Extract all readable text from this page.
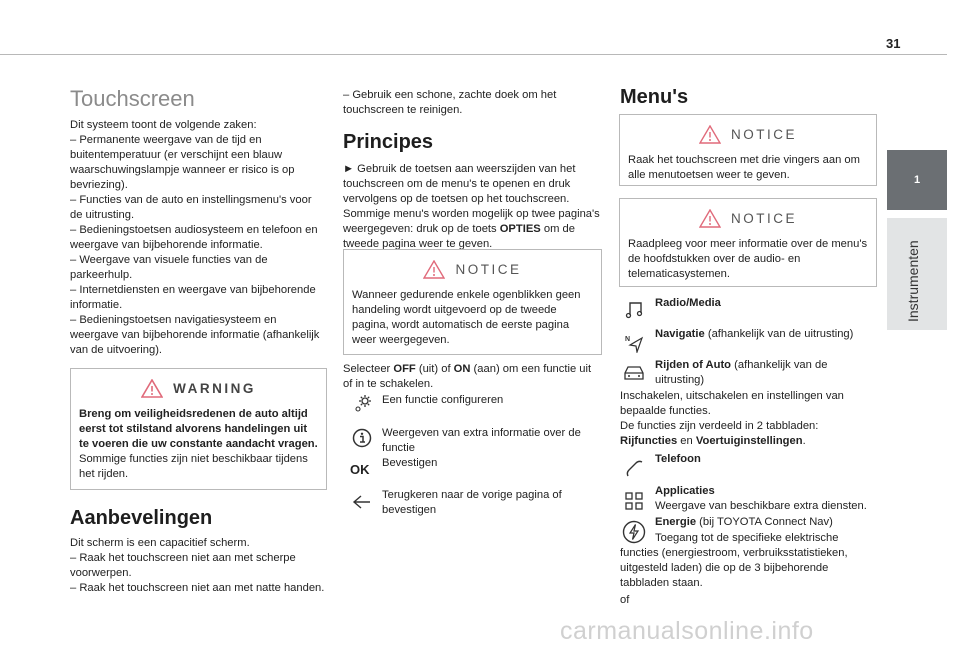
31
1
Instrumenten
Touchscreen

Dit systeem toont de volgende zaken:

– Permanente weergave van de tijd en buitentemperatuur (er verschijnt een blauw waarschuwingslampje wanneer er risico is op bevriezing).

– Functies van de auto en instellingsmenu's voor de uitrusting.

– Bedieningstoetsen audiosysteem en telefoon en weergave van bijbehorende informatie.

– Weergave van visuele functies van de parkeerhulp.

– Internetdiensten en weergave van bijbehorende informatie.

– Bedieningstoetsen navigatiesysteem en weergave van bijbehorende informatie (afhankelijk van de uitvoering).

WARNING

Breng om veiligheidsredenen de auto altijd eerst tot stilstand alvorens handelingen uit te voeren die uw constante aandacht vragen.

Sommige functies zijn niet beschikbaar tijdens het rijden.

Aanbevelingen

Dit scherm is een capacitief scherm.

– Raak het touchscreen niet aan met scherpe voorwerpen.

– Raak het touchscreen niet aan met natte handen.

– Gebruik een schone, zachte doek om het touchscreen te reinigen.

Principes

► Gebruik de toetsen aan weerszijden van het touchscreen om de menu's te openen en druk vervolgens op de toetsen op het touchscreen.

Sommige menu's worden mogelijk op twee pagina's weergegeven: druk op de toets OPTIES om de tweede pagina weer te geven.

NOTICE

Wanneer gedurende enkele ogenblikken geen handeling wordt uitgevoerd op de tweede pagina, wordt automatisch de eerste pagina weer weergegeven.

Selecteer OFF (uit) of ON (aan) om een functie uit of in te schakelen.

Een functie configureren
Weergeven van extra informatie over de functie
OK Bevestigen
Terugkeren naar de vorige pagina of bevestigen
Menu's
NOTICE

Raak het touchscreen met drie vingers aan om alle menutoetsen weer te geven.

NOTICE

Raadpleeg voor meer informatie over de menu's de hoofdstukken over de audio- en telematicasystemen.

Radio/Media
N Navigatie (afhankelijk van de uitrusting)
Rijden of Auto (afhankelijk van de uitrusting)

Inschakelen, uitschakelen en instellingen van bepaalde functies.

De functies zijn verdeeld in 2 tabbladen:

Rijfuncties en Voertuiginstellingen.

Telefoon
Applicaties
Weergave van beschikbare extra diensten.
Energie (bij TOYOTA Connect Nav)
Toegang tot de specifieke elektrische functies (energiestroom, verbruiksstatistieken, uitgesteld laden) die op de 3 bijbehorende tabbladen staan.
of
carmanualsonline.info
